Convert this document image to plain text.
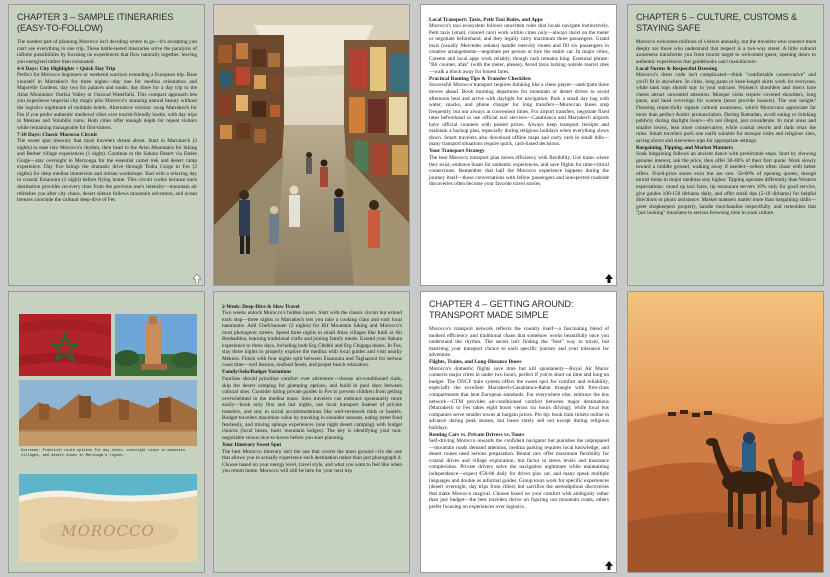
CHAPTER 3 – SAMPLE ITINERARIES (EASY-TO-FOLLOW)

The hardest part of planning Morocco isn't deciding where to go—it's accepting you can't see everything in one trip. These battle-tested itineraries solve the paralysis of infinite possibilities by focusing on experiences that flow naturally together, leaving you energized rather than exhausted.

4-6 Days: City Highlights + Quick Day Trip

Perfect for Morocco beginners or weekend warriors extending a European trip. Base yourself in Marrakech for three nights—day one for medina orientation and Majorelle Gardens, day two for palaces and souks, day three for a day trip to the Atlas Mountains' Ourika Valley or Ouzoud Waterfalls. This compact approach lets you experience imperial city magic plus Morocco's stunning natural beauty without the logistics nightmare of multiple hotels. Alternative version: swap Marrakech for Fes if you prefer authentic medieval vibes over tourist-friendly hustle, with day trips to Meknes and Volubilis ruins. Both cities offer enough depth for repeat visitors while remaining manageable for first-timers.

7-10 Days: Classic Morocco Circuit

The sweet spot itinerary that most travelers dream about. Start in Marrakech (2 nights) to ease into Morocco's rhythm, then head to the Atlas Mountains for hiking and Berber village experiences (1 night). Continue to the Sahara Desert via Dades Gorge—stay overnight in Merzouga for the essential camel trek and desert camp experience. Day five brings the dramatic drive through Todra Gorge to Fes (2 nights) for deep medina immersion and artisan workshops. End with a relaxing day in coastal Essaouira (1 night) before flying home. This circuit works because each destination provides recovery time from the previous one's intensity—mountain air refreshes you after city chaos, desert silence follows mountain adventure, and ocean breezes conclude the cultural deep-dive of Fes

Local Transport: Taxis, Petit Taxi Rules, and Apps

Morocco's taxi ecosystem follows unwritten rules that locals navigate instinctively. Petit taxis (small, colored cars) work within cities only—always insist on the meter or negotiate beforehand, and they legally carry maximum three passengers. Grand taxis (usually Mercedes sedans) handle intercity routes and fill six passengers in creative arrangements—negotiate per person or hire the entire car. In major cities, Careem and local apps work reliably, though cash remains king. Essential phrase: "Bil counter, afak" (with the meter, please). Avoid taxis lurking outside tourist sites—walk a block away for honest fares.

Practical Routing Tips & Transfer Checklists

Successful Morocco transport requires thinking like a chess player—anticipate three moves ahead. Book morning departures for mountain or desert drives to avoid afternoon heat and arrive with daylight for navigation. Pack a small day bag with water, snacks, and phone charger for long transfers—Moroccan buses stop frequently, but not always at convenient times. For airport transfers, negotiate fixed rates beforehand or use official taxi services—Casablanca and Marrakech airports have official counters with posted prices. Always keep transport receipts and maintain a backup plan, especially during religious holidays when everything slows down. Smart travelers also download offline maps and carry cash in small bills—many transport situations require quick, cash-based decisions.

Your Transport Strategy

The best Morocco transport plan mixes efficiency with flexibility. Use trains where they exist, embrace buses for authentic experiences, and save flights for time-critical connections. Remember that half the Morocco experience happens during the journey itself—those conversations with fellow passengers and unexpected roadside discoveries often become your favorite travel stories.

CHAPTER 5 – CULTURE, CUSTOMS & STAYING SAFE

Morocco welcomes millions of visitors annually, but the travelers who connect most deeply are those who understand that respect is a two-way street. A little cultural awareness transforms you from tourist target to welcomed guest, opening doors to authentic experiences that guidebooks can't manufacture.

Local Norms & Respectful Dressing

Morocco's dress code isn't complicated—think "comfortable conservative" and you'll fit in anywhere. In cities, long pants or knee-length skirts work for everyone, while tank tops should stay in your suitcase. Women's shoulders and men's bare chests attract unwanted attention. Mosque visits require covered shoulders, long pants, and head coverings for women (most provide loaners). The real insight? Dressing respectfully signals cultural awareness, which Moroccans appreciate far more than perfect Arabic pronunciation. During Ramadan, avoid eating or drinking publicly during daylight hours—it's not illegal, just considerate. In rural areas and smaller towns, lean more conservative, while coastal resorts and riads relax the rules. Smart travelers pack one outfit suitable for mosque visits and religious sites, saving shorts and sleeveless tops for appropriate settings.

Bargaining, Tipping, and Market Manners

Souk bargaining follows an ancient dance with predictable steps. Start by showing genuine interest, ask the price, then offer 30-40% of their first quote. Work slowly toward a middle ground, walking away if needed—sellers often chase with better offers. Fixed-price stores exist but are rare. 50-60% of opening quotes, though tourist items in major medinas stay higher. Tipping operates differently than Western expectations: round up taxi fares, tip restaurant servers 10% only for good service, give guides 100-150 dirhams daily, and offer small tips (5-10 dirhams) for helpful directions or photo assistance. Market manners matter more than bargaining skills—greet shopkeepers properly, handle merchandise respectfully, and remember that "just looking" translates to serious browsing time in souk culture.

Overseas: Practical route options for day hikes, overnight stays in mountain villages, and desert dunes in Merzouga's region.
MOROCCO
2-Week: Deep-Dive & Slow Travel

Two weeks unlock Morocco's hidden layers. Start with the classic circuit but extend each stop—three nights in Marrakech lets you take a cooking class and visit local hammams. Add Chefchaouen (2 nights) for Rif Mountain hiking and Morocco's most photogenic streets. Spend three nights in small Atlas villages like Imlil or Ait Benhaddou, learning traditional crafts and joining family meals. Extend your Sahara experience to three days, including both Erg Chebbi and Erg Chigaga dunes. In Fes, stay three nights to properly explore the medina with local guides and visit nearby Meknes. Finish with four nights split between Essaouira and Taghazout for serious coast time—surf lessons, seafood feasts, and proper beach relaxation.

Family/Solo/Budget Variations

Families should prioritize comfort over adventure—choose air-conditioned riads, skip the desert camping for glamping options, and build in pool days between cultural sites. Consider hiring private guides in Fes to prevent children from getting overwhelmed in the medina maze. Solo travelers can embrace spontaneity more easily—book only first and last nights, use local transport instead of private transfers, and stay in social accommodations like well-reviewed riads or hostels. Budget travelers maximize value by traveling in shoulder seasons, eating street food fearlessly, and mixing splurge experiences (one night desert camping) with budget choices (local buses, basic mountain lodges). The key is identifying your non-negotiable versus nice-to-haves before you start planning.

Your Itinerary Sweet Spot

The best Morocco itinerary isn't the one that covers the most ground—it's the one that allows you to actually experience each destination rather than just photograph it. Choose based on your energy level, travel style, and what you want to feel like when you return home. Morocco will still be here for your next trip

CHAPTER 4 – GETTING AROUND: TRANSPORT MADE SIMPLE

Morocco's transport network reflects the country itself—a fascinating blend of modern efficiency and traditional chaos that somehow works beautifully once you understand the rhythm. The secret isn't finding the "best" way to travel, but matching your transport choice to each specific journey and your tolerance for adventure.

Flights, Trains, and Long-Distance Buses

Morocco's domestic flights save time but kill spontaneity—Royal Air Maroc connects major cities in under two hours, perfect if you're short on time and long on budget. The ONCF train system offers the sweet spot for comfort and reliability, especially the excellent Marrakech-Casablanca-Rabat triangle with first-class compartments that beat European standards. For everywhere else, embrace the bus network—CTM provides air-conditioned comfort between major destinations (Marrakech to Fes takes eight hours versus six hours driving), while local bus companies serve smaller towns at bargain prices. Pro tip: book train tickets online in advance during peak season, but buses rarely sell out except during religious holidays.

Renting Cars vs. Private Drivers vs. Tours

Self-driving Morocco rewards the confident navigator but punishes the unprepared—mountain roads demand attention, medina parking requires local knowledge, and desert routes need serious preparation. Rental cars offer maximum flexibility for coastal drives and village exploration, but factor in stress levels and insurance complexities. Private drivers solve the navigation nightmare while maintaining independence—expect €50-80 daily for driver plus car, and many speak multiple languages and double as informal guides. Group tours work for specific experiences (desert overnight, day trips from cities) but sacrifice the serendipitous discoveries that make Morocco magical. Choose based on your comfort with ambiguity rather than just budget—the best travelers thrive on figuring out mountain roads, others prefer focusing on experiences over logistics.
